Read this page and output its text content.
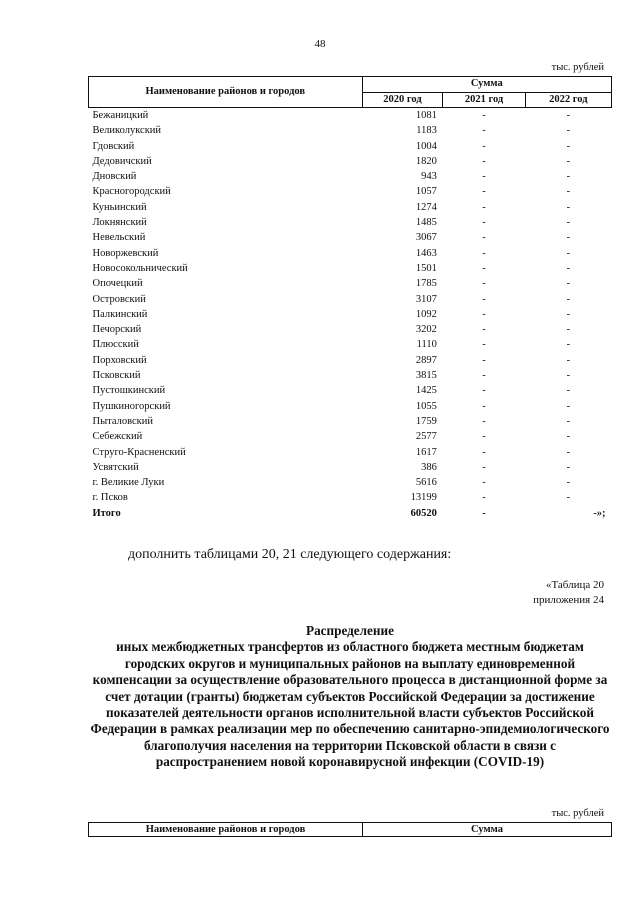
48
тыс. рублей
Наименование районов и городов	Сумма		
	2020 год	2021 год	2022 год
Бежаницкий	1081	-	-
Великолукский	1183	-	-
Гдовский	1004	-	-
Дедовичский	1820	-	-
Дновский	943	-	-
Красногородский	1057	-	-
Куньинский	1274	-	-
Локнянский	1485	-	-
Невельский	3067	-	-
Новоржевский	1463	-	-
Новосокольнический	1501	-	-
Опочецкий	1785	-	-
Островский	3107	-	-
Палкинский	1092	-	-
Печорский	3202	-	-
Плюсский	1110	-	-
Порховский	2897	-	-
Псковский	3815	-	-
Пустошкинский	1425	-	-
Пушкиногорский	1055	-	-
Пыталовский	1759	-	-
Себежский	2577	-	-
Струго-Красненский	1617	-	-
Усвятский	386	-	-
г. Великие Луки	5616	-	-
г. Псков	13199	-	-
Итого	60520	-	-»;
дополнить таблицами 20, 21 следующего содержания:
«Таблица 20
приложения 24
Распределение
иных межбюджетных трансфертов из областного бюджета местным бюджетам городских округов и муниципальных районов на выплату единовременной компенсации за осуществление образовательного процесса в дистанционной форме за счет дотации (гранты) бюджетам субъектов Российской Федерации за достижение показателей деятельности органов исполнительной власти субъектов Российской Федерации в рамках реализации мер по обеспечению санитарно-эпидемиологического благополучия населения на территории Псковской области в связи с распространением новой коронавирусной инфекции (COVID-19)
тыс. рублей
Наименование районов и городов	Сумма
